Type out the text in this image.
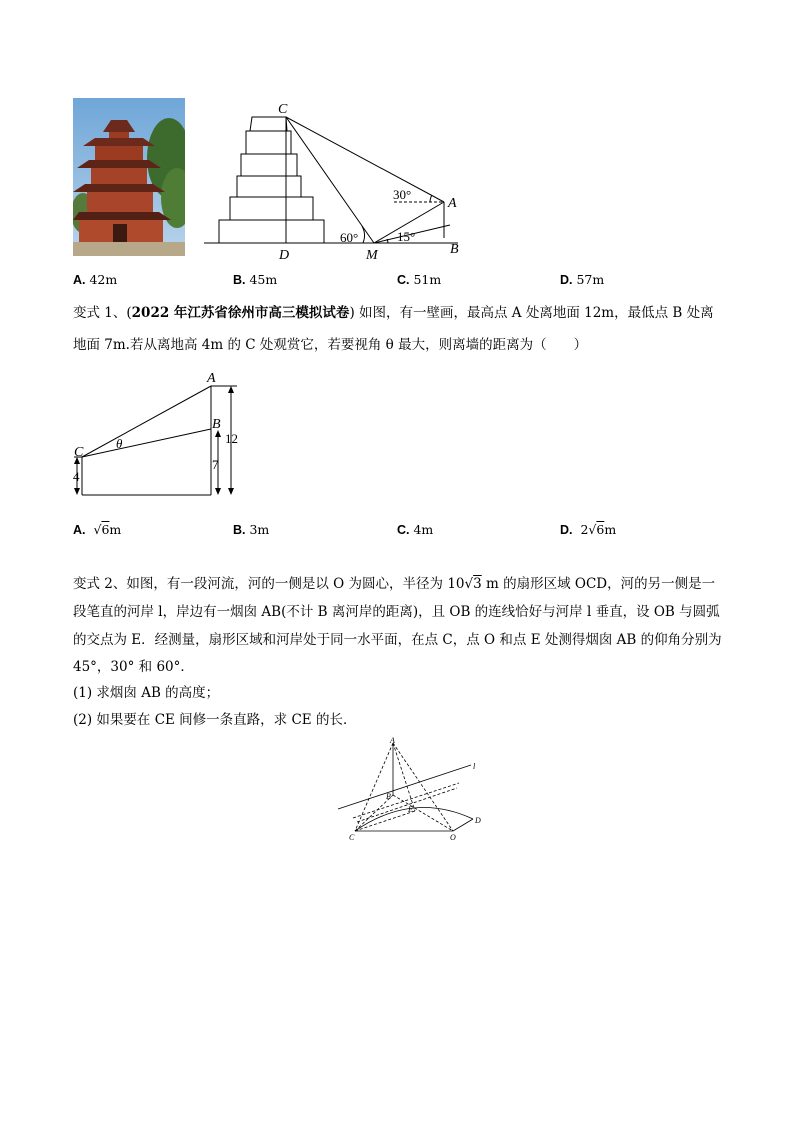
C
A
B
D	M
30°
60°	15°
A. 42m	B. 45m	C. 51m	D. 57m
变式 1、(2022 年江苏省徐州市高三模拟试卷) 如图，有一壁画，最高点 A 处离地面 12m，最低点 B 处离
地面 7m.若从离地高 4m 的 C 处观赏它，若要视角 θ 最大，则离墙的距离为（　　）
A
B
C
θ	12
7
4
A.  √6m	B. 3m	C. 4m	D. 2√6m
变式 2、如图，有一段河流，河的一侧是以 O 为圆心，半径为 10√3 m 的扇形区域 OCD，河的另一侧是一
段笔直的河岸 l，岸边有一烟囱 AB(不计 B 离河岸的距离)，且 OB 的连线恰好与河岸 l 垂直，设 OB 与圆弧
的交点为 E．经测量，扇形区域和河岸处于同一水平面，在点 C，点 O 和点 E 处测得烟囱 AB 的仰角分别为
45°，30° 和 60°．
(1) 求烟囱 AB 的高度；
(2) 如果要在 CE 间修一条直路，求 CE 的长．
A
B
E
C	O
D
l
